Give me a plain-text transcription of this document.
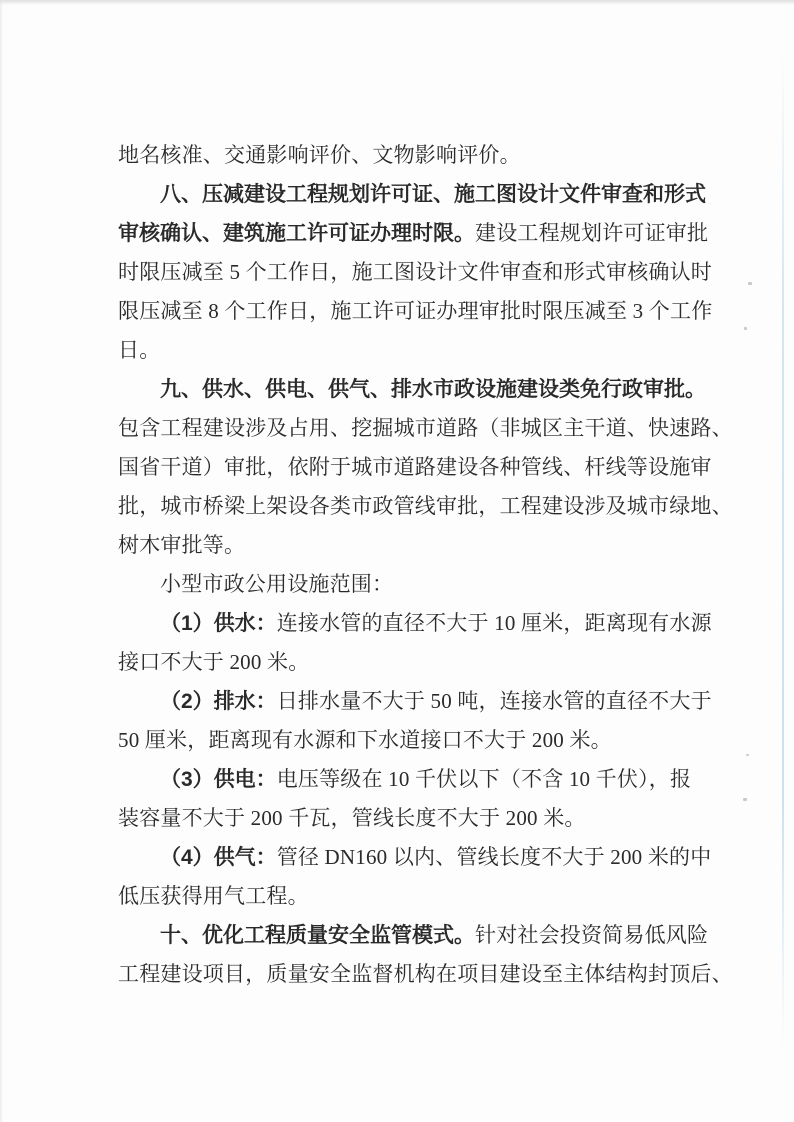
地名核准、交通影响评价、文物影响评价。
八、压减建设工程规划许可证、施工图设计文件审查和形式
审核确认、建筑施工许可证办理时限。建设工程规划许可证审批
时限压减至 5 个工作日，施工图设计文件审查和形式审核确认时
限压减至 8 个工作日，施工许可证办理审批时限压减至 3 个工作
日。
九、供水、供电、供气、排水市政设施建设类免行政审批。
包含工程建设涉及占用、挖掘城市道路（非城区主干道、快速路、
国省干道）审批，依附于城市道路建设各种管线、杆线等设施审
批，城市桥梁上架设各类市政管线审批，工程建设涉及城市绿地、
树木审批等。
小型市政公用设施范围：
（1）供水：连接水管的直径不大于 10 厘米，距离现有水源
接口不大于 200 米。
（2）排水：日排水量不大于 50 吨，连接水管的直径不大于
50 厘米，距离现有水源和下水道接口不大于 200 米。
（3）供电：电压等级在 10 千伏以下（不含 10 千伏），报
装容量不大于 200 千瓦，管线长度不大于 200 米。
（4）供气：管径 DN160 以内、管线长度不大于 200 米的中
低压获得用气工程。
十、优化工程质量安全监管模式。针对社会投资简易低风险
工程建设项目，质量安全监督机构在项目建设至主体结构封顶后、
